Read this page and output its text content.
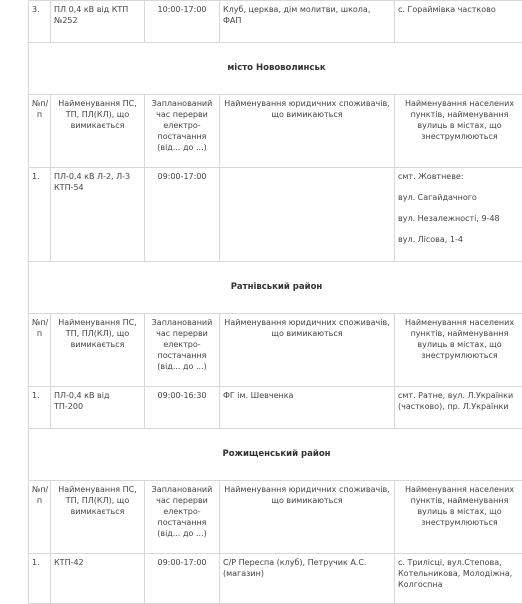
3.	ПЛ 0,4 кВ від КТП №252	10:00-17:00	Клуб, церква, дім молитви, школа, ФАП	с. Гораймівка частково
місто Нововолинськ				
№п/п	Найменування ПС, ТП, ПЛ(КЛ), що вимикається	Запланований час перерви електро-постачання (від... до ...)	Найменування юридичних споживачів, що вимикаються	Найменування населених пунктів, найменування вулиць в містах, що знеструмлюються
1.	ПЛ-0,4 кВ Л-2, Л-3 КТП-54	09:00-17:00		смт. Жовтневе:
вул. Сагайдачного
вул. Незалежності, 9-48
вул. Лісова, 1-4

Ратнівський район				
№п/п	Найменування ПС, ТП, ПЛ(КЛ), що вимикається	Запланований час перерви електро-постачання (від... до ...)	Найменування юридичних споживачів, що вимикаються	Найменування населених пунктів, найменування вулиць в містах, що знеструмлюються
1.	ПЛ-0,4 кВ від ТП-200	09:00-16:30	ФГ ім. Шевченка	смт. Ратне, вул. Л.Українки (частково), пр. Л.Українки
Рожищенський район				
№п/п	Найменування ПС, ТП, ПЛ(КЛ), що вимикається	Запланований час перерви електро-постачання (від... до ...)	Найменування юридичних споживачів, що вимикаються	Найменування населених пунктів, найменування вулиць в містах, що знеструмлюються
1.	КТП-42	09:00-17:00	С/Р Переспа (клуб), Петручик А.С. (магазин)	с. Трилісці, вул.Степова, Котельникова, Молодіжна, Колгоспна
